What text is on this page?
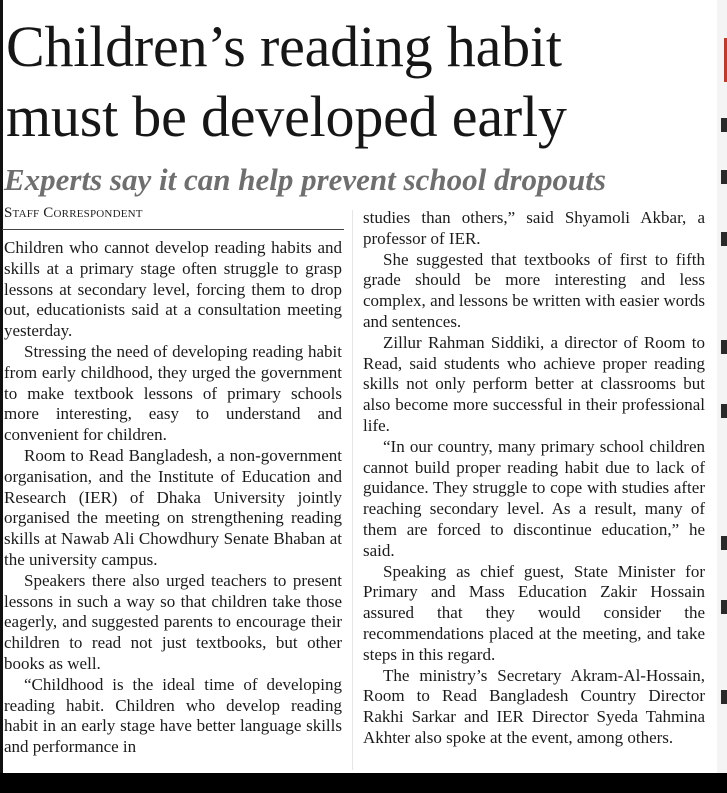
Children’s reading habit
must be developed early
Experts say it can help prevent school dropouts
Staff Correspondent

Children who cannot develop reading habits and skills at a primary stage often struggle to grasp lessons at secondary level, forcing them to drop out, educationists said at a consultation meeting yesterday.

Stressing the need of developing reading habit from early childhood, they urged the government to make textbook lessons of primary schools more interesting, easy to understand and convenient for children.

Room to Read Bangladesh, a non-government organisation, and the Institute of Education and Research (IER) of Dhaka University jointly organised the meeting on strengthening reading skills at Nawab Ali Chowdhury Senate Bhaban at the university campus.

Speakers there also urged teachers to present lessons in such a way so that children take those eagerly, and suggested parents to encourage their children to read not just textbooks, but other books as well.

“Childhood is the ideal time of developing reading habit. Children who develop reading habit in an early stage have better language skills and performance in

studies than others,” said Shyamoli Akbar, a professor of IER.

She suggested that textbooks of first to fifth grade should be more interesting and less complex, and lessons be written with easier words and sentences.

Zillur Rahman Siddiki, a director of Room to Read, said students who achieve proper reading skills not only perform better at classrooms but also become more successful in their professional life.

“In our country, many primary school children cannot build proper reading habit due to lack of guidance. They struggle to cope with studies after reaching secondary level. As a result, many of them are forced to discontinue education,” he said.

Speaking as chief guest, State Minister for Primary and Mass Education Zakir Hossain assured that they would consider the recommendations placed at the meeting, and take steps in this regard.

The ministry’s Secretary Akram-Al-Hossain, Room to Read Bangladesh Country Director Rakhi Sarkar and IER Director Syeda Tahmina Akhter also spoke at the event, among others.
